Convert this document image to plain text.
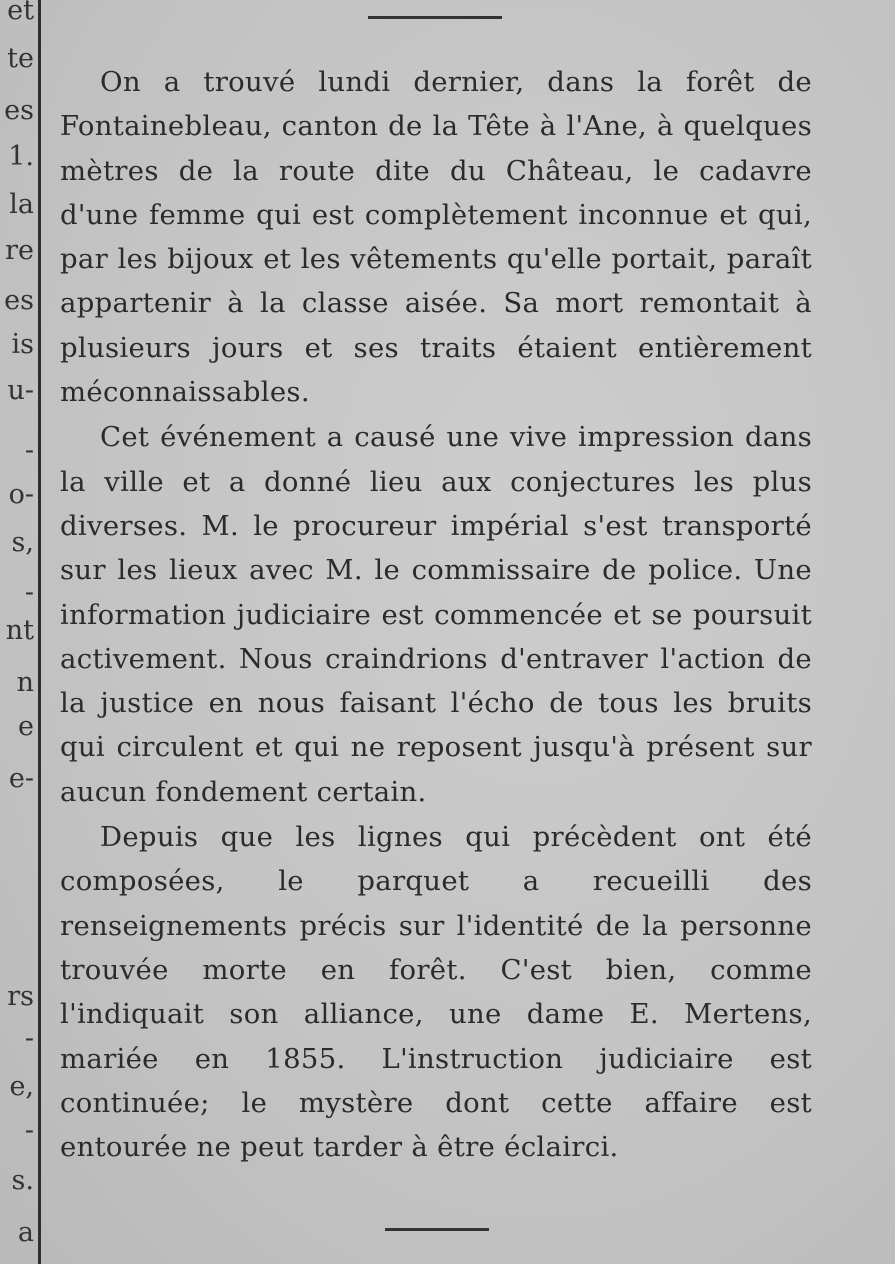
et
te
es
1.
la
re
es
is
u-
-
o-
s,
-
nt
n
e
e-
rs
-
e,
-
s.
a

On a trouvé lundi dernier, dans la forêt de Fontainebleau, canton de la Tête à l'Ane, à quelques mètres de la route dite du Château, le cadavre d'une femme qui est complètement inconnue et qui, par les bijoux et les vêtements qu'elle portait, paraît appartenir à la classe aisée. Sa mort remontait à plusieurs jours et ses traits étaient entièrement méconnaissables.

Cet événement a causé une vive impression dans la ville et a donné lieu aux conjectures les plus diverses. M. le procureur impérial s'est transporté sur les lieux avec M. le commissaire de police. Une information judiciaire est commencée et se poursuit activement. Nous craindrions d'entraver l'action de la justice en nous faisant l'écho de tous les bruits qui circulent et qui ne reposent jusqu'à présent sur aucun fondement certain.

Depuis que les lignes qui précèdent ont été composées, le parquet a recueilli des renseignements précis sur l'identité de la personne trouvée morte en forêt. C'est bien, comme l'indiquait son alliance, une dame E. Mertens, mariée en 1855. L'instruction judiciaire est continuée; le mystère dont cette affaire est entourée ne peut tarder à être éclairci.
